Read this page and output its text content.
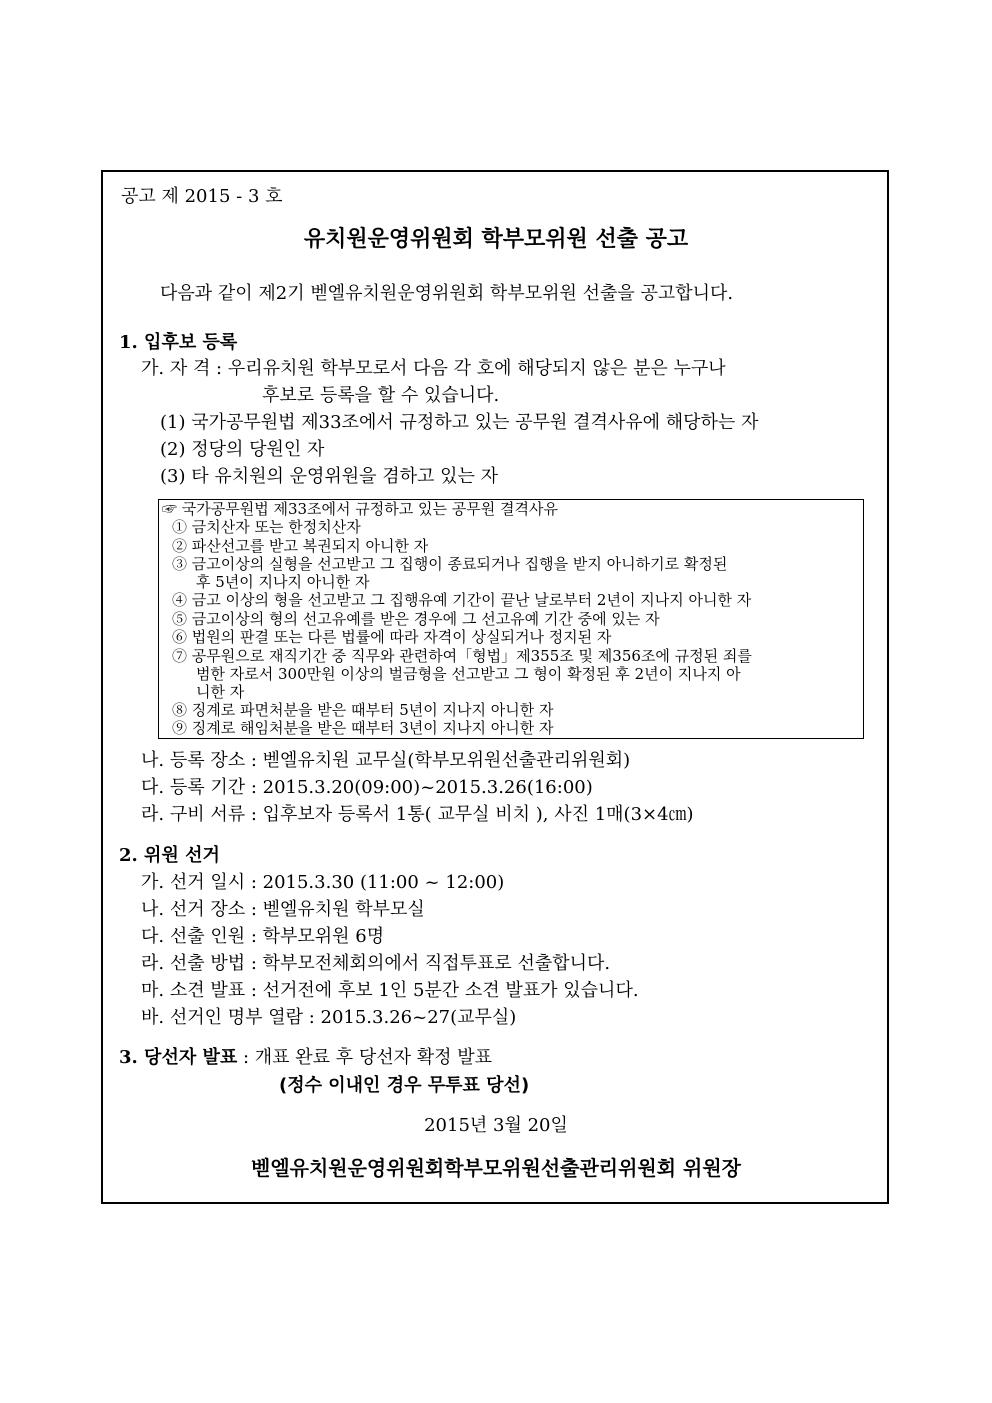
공고 제 2015 - 3 호
유치원운영위원회 학부모위원 선출 공고
다음과 같이 제2기 벧엘유치원운영위원회 학부모위원 선출을 공고합니다.
1. 입후보 등록
가. 자 격 : 우리유치원 학부모로서 다음 각 호에 해당되지 않은 분은 누구나
후보로 등록을 할 수 있습니다.
(1) 국가공무원법 제33조에서 규정하고 있는 공무원 결격사유에 해당하는 자
(2) 정당의 당원인 자
(3) 타 유치원의 운영위원을 겸하고 있는 자
☞ 국가공무원법 제33조에서 규정하고 있는 공무원 결격사유
① 금치산자 또는 한정치산자
② 파산선고를 받고 복권되지 아니한 자
③ 금고이상의 실형을 선고받고 그 집행이 종료되거나 집행을 받지 아니하기로 확정된
후 5년이 지나지 아니한 자
④ 금고 이상의 형을 선고받고 그 집행유예 기간이 끝난 날로부터 2년이 지나지 아니한 자
⑤ 금고이상의 형의 선고유예를 받은 경우에 그 선고유예 기간 중에 있는 자
⑥ 법원의 판결 또는 다른 법률에 따라 자격이 상실되거나 정지된 자
⑦ 공무원으로 재직기간 중 직무와 관련하여「형법」제355조 및 제356조에 규정된 죄를
범한 자로서 300만원 이상의 벌금형을 선고받고 그 형이 확정된 후 2년이 지나지 아
니한 자
⑧ 징계로 파면처분을 받은 때부터 5년이 지나지 아니한 자
⑨ 징계로 해임처분을 받은 때부터 3년이 지나지 아니한 자
나. 등록 장소 : 벧엘유치원 교무실(학부모위원선출관리위원회)
다. 등록 기간 : 2015.3.20(09:00)~2015.3.26(16:00)
라. 구비 서류 : 입후보자 등록서 1통( 교무실 비치 ), 사진 1매(3×4㎝)
2. 위원 선거
가. 선거 일시 : 2015.3.30 (11:00 ~ 12:00)
나. 선거 장소 : 벧엘유치원 학부모실
다. 선출 인원 : 학부모위원 6명
라. 선출 방법 : 학부모전체회의에서 직접투표로 선출합니다.
마. 소견 발표 : 선거전에 후보 1인 5분간 소견 발표가 있습니다.
바. 선거인 명부 열람 : 2015.3.26~27(교무실)
3. 당선자 발표 : 개표 완료 후 당선자 확정 발표
(정수 이내인 경우 무투표 당선)
2015년 3월 20일
벧엘유치원운영위원회학부모위원선출관리위원회 위원장
